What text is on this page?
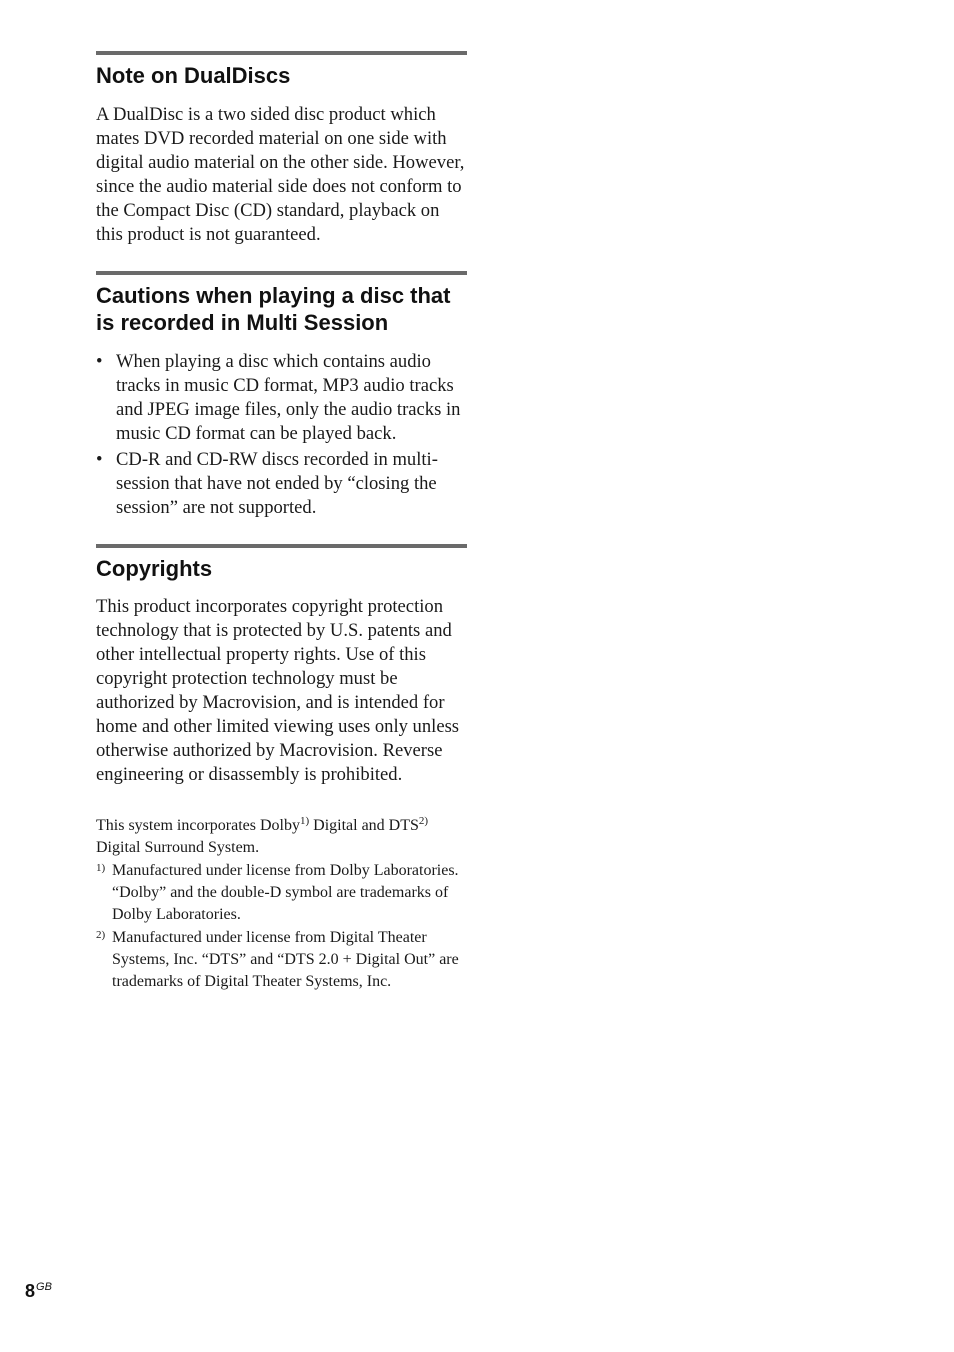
Note on DualDiscs

A DualDisc is a two sided disc product which mates DVD recorded material on one side with digital audio material on the other side. However, since the audio material side does not conform to the Compact Disc (CD) standard, playback on this product is not guaranteed.

Cautions when playing a disc that is recorded in Multi Session
• When playing a disc which contains audio tracks in music CD format, MP3 audio tracks and JPEG image files, only the audio tracks in music CD format can be played back.
• CD-R and CD-RW discs recorded in multi-session that have not ended by “closing the session” are not supported.
Copyrights

This product incorporates copyright protection technology that is protected by U.S. patents and other intellectual property rights. Use of this copyright protection technology must be authorized by Macrovision, and is intended for home and other limited viewing uses only unless otherwise authorized by Macrovision. Reverse engineering or disassembly is prohibited.

This system incorporates Dolby$^{1)}$ Digital and DTS$^{2)}$ Digital Surround System.

1) Manufactured under license from Dolby Laboratories. “Dolby” and the double-D symbol are trademarks of Dolby Laboratories.
2) Manufactured under license from Digital Theater Systems, Inc. “DTS” and “DTS 2.0 + Digital Out” are trademarks of Digital Theater Systems, Inc.
$8^{GB}$
